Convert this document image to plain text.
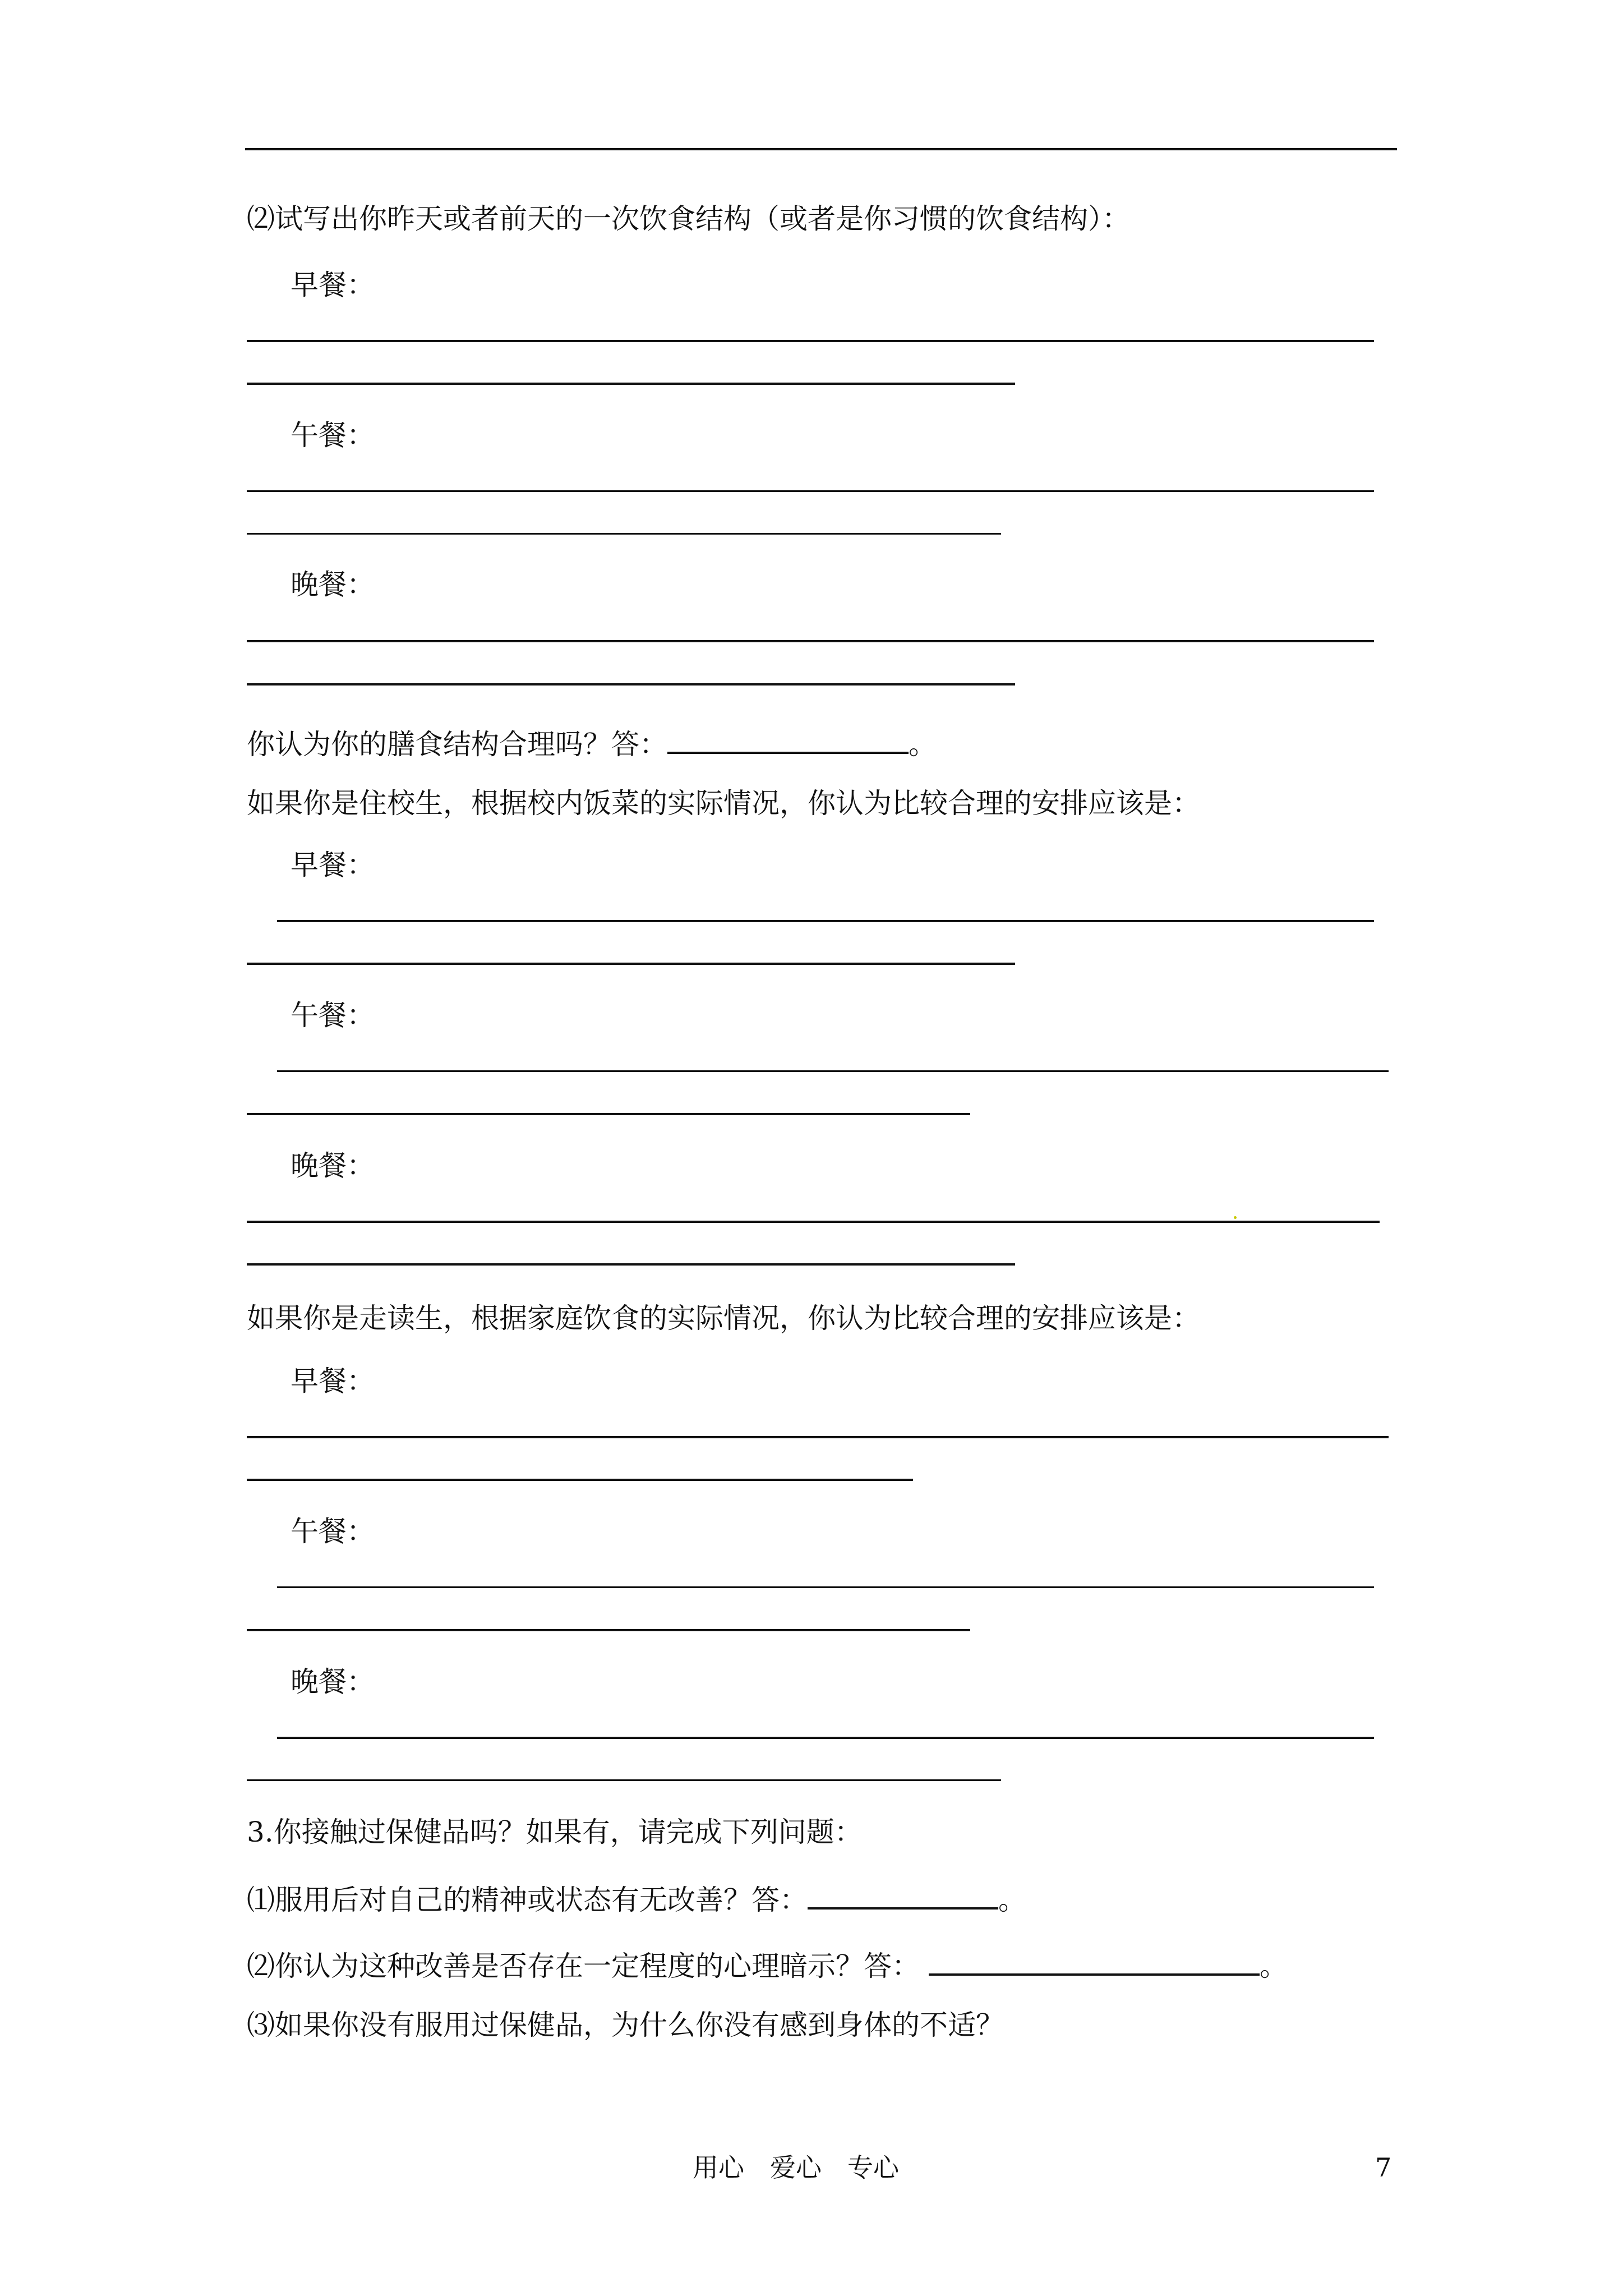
⑵试写出你昨天或者前天的一次饮食结构（或者是你习惯的饮食结构）：
早餐：
午餐：
晚餐：
你认为你的膳食结构合理吗？答：	。
如果你是住校生，根据校内饭菜的实际情况，你认为比较合理的安排应该是：
早餐：
午餐：
晚餐：
如果你是走读生，根据家庭饮食的实际情况，你认为比较合理的安排应该是：
早餐：
午餐：
晚餐：
3.你接触过保健品吗？如果有，请完成下列问题：
⑴服用后对自己的精神或状态有无改善？答：	。
⑵你认为这种改善是否存在一定程度的心理暗示？答：	。
⑶如果你没有服用过保健品，为什么你没有感到身体的不适？
用心　爱心　专心	7
